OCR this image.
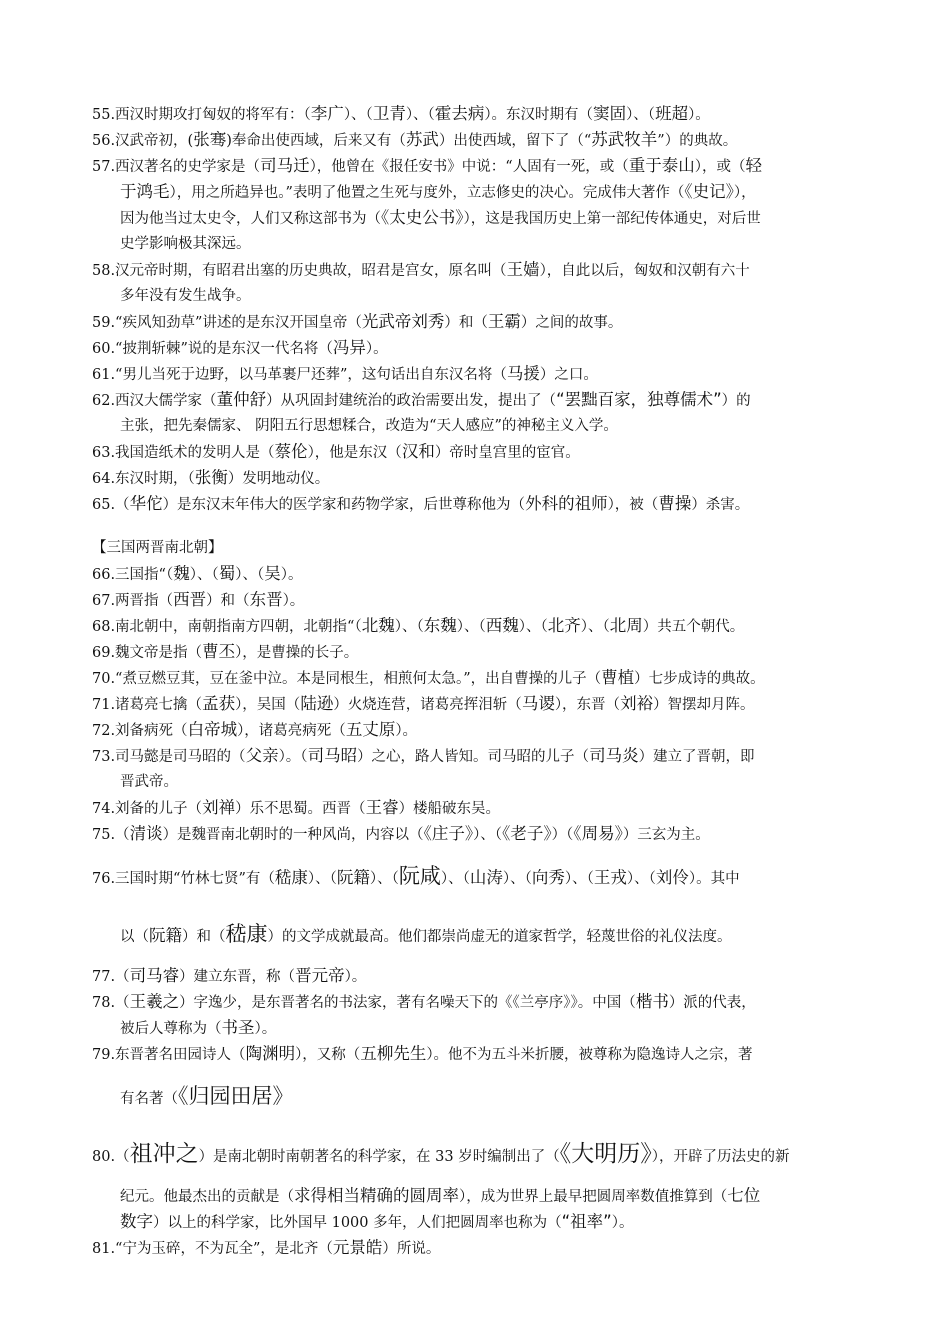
55.西汉时期攻打匈奴的将军有：（李广）、（卫青）、（霍去病）。东汉时期有（窦固）、（班超）。
56.汉武帝初，(张骞)奉命出使西域，后来又有（苏武）出使西域，留下了（“苏武牧羊”）的典故。
57.西汉著名的史学家是（司马迁），他曾在《报任安书》中说：“人固有一死，或（重于泰山），或（轻
于鸿毛），用之所趋异也。”表明了他置之生死与度外，立志修史的决心。完成伟大著作（《史记》），
因为他当过太史令，人们又称这部书为（《太史公书》），这是我国历史上第一部纪传体通史，对后世
史学影响极其深远。
58.汉元帝时期，有昭君出塞的历史典故，昭君是宫女，原名叫（王嫱），自此以后，匈奴和汉朝有六十
多年没有发生战争。
59.“疾风知劲草”讲述的是东汉开国皇帝（光武帝刘秀）和（王霸）之间的故事。
60.“披荆斩棘”说的是东汉一代名将（冯异）。
61.“男儿当死于边野，以马革裹尸还葬”，这句话出自东汉名将（马援）之口。
62.西汉大儒学家（董仲舒）从巩固封建统治的政治需要出发，提出了（“罢黜百家，独尊儒术”）的
主张，把先秦儒家、 阴阳五行思想糅合，改造为“天人感应”的神秘主义入学。
63.我国造纸术的发明人是（蔡伦），他是东汉（汉和）帝时皇宫里的宦官。
64.东汉时期，（张衡）发明地动仪。
65.（华佗）是东汉末年伟大的医学家和药物学家，后世尊称他为（外科的祖师），被（曹操）杀害。
【三国两晋南北朝】
66.三国指“（魏）、（蜀）、（吴）。
67.两晋指（西晋）和（东晋）。
68.南北朝中，南朝指南方四朝，北朝指“（北魏）、（东魏）、（西魏）、（北齐）、（北周）共五个朝代。
69.魏文帝是指（曹丕），是曹操的长子。
70.“煮豆燃豆萁，豆在釜中泣。本是同根生，相煎何太急。”，出自曹操的儿子（曹植）七步成诗的典故。
71.诸葛亮七擒（孟获），吴国（陆逊）火烧连营，诸葛亮挥泪斩（马谡），东晋（刘裕）智摆却月阵。
72.刘备病死（白帝城），诸葛亮病死（五丈原）。
73.司马懿是司马昭的（父亲）。（司马昭）之心，路人皆知。司马昭的儿子（司马炎）建立了晋朝，即
晋武帝。
74.刘备的儿子（刘禅）乐不思蜀。西晋（王睿）楼船破东吴。
75.（清谈）是魏晋南北朝时的一种风尚，内容以（《庄子》）、（《老子》）（《周易》）三玄为主。
76.三国时期“竹林七贤”有（嵇康）、（阮籍）、（阮咸）、（山涛）、（向秀）、（王戎）、（刘伶）。其中
以（阮籍）和（嵇康）的文学成就最高。他们都崇尚虚无的道家哲学，轻蔑世俗的礼仪法度。
77.（司马睿）建立东晋，称（晋元帝）。
78.（王羲之）字逸少，是东晋著名的书法家，著有名噪天下的《《兰亭序》》。中国（楷书）派的代表，
被后人尊称为（书圣）。
79.东晋著名田园诗人（陶渊明），又称（五柳先生）。他不为五斗米折腰，被尊称为隐逸诗人之宗，著
有名著（《归园田居》
80.（祖冲之）是南北朝时南朝著名的科学家，在 33 岁时编制出了（《大明历》），开辟了历法史的新
纪元。他最杰出的贡献是（求得相当精确的圆周率），成为世界上最早把圆周率数值推算到（七位
数字）以上的科学家，比外国早 1000 多年，人们把圆周率也称为（“祖率”）。
81.“宁为玉碎，不为瓦全”，是北齐（元景皓）所说。
